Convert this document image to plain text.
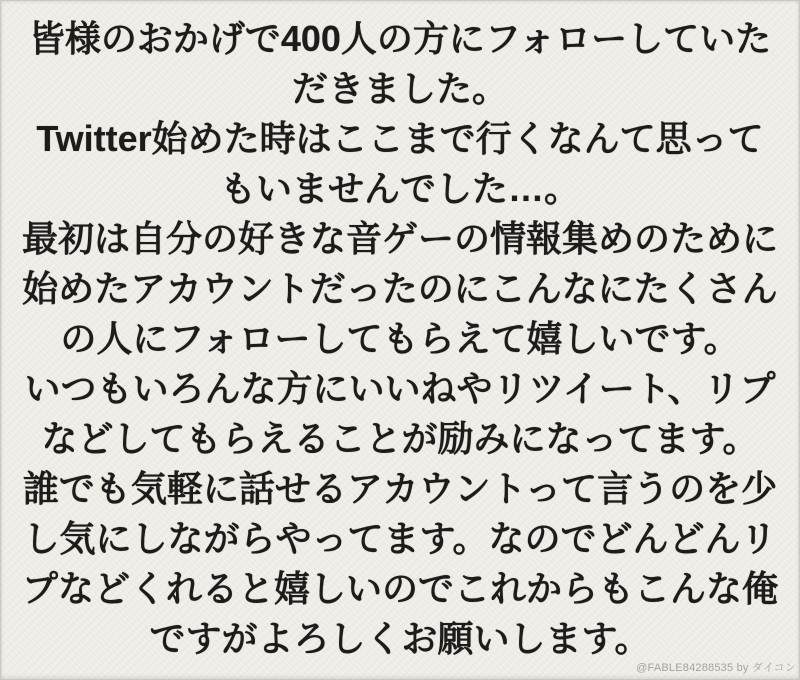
皆様のおかげで400人の方にフォローしていた
だきました。
Twitter始めた時はここまで行くなんて思って
もいませんでした…。
最初は自分の好きな音ゲーの情報集めのために
始めたアカウントだったのにこんなにたくさん
の人にフォローしてもらえて嬉しいです。
いつもいろんな方にいいねやリツイート、リプ
などしてもらえることが励みになってます。
誰でも気軽に話せるアカウントって言うのを少
し気にしながらやってます。なのでどんどんリ
プなどくれると嬉しいのでこれからもこんな俺
ですがよろしくお願いします。
@FABLE84288535 by ダイコン
